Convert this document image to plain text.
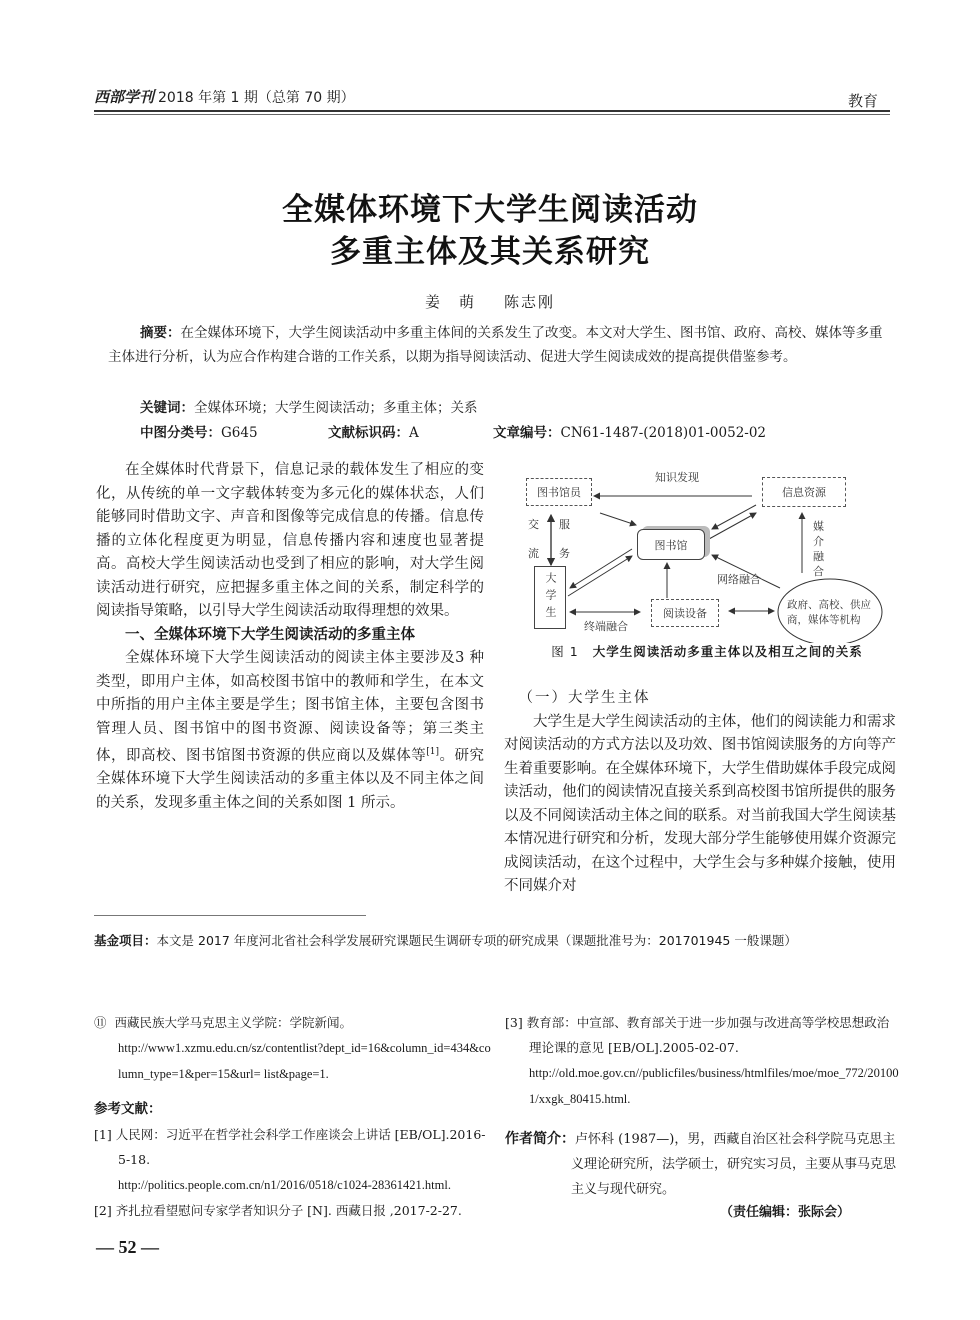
西部学刊 2018 年第 1 期（总第 70 期）	教育
全媒体环境下大学生阅读活动
多重主体及其关系研究
姜　萌 陈志刚
摘要：在全媒体环境下，大学生阅读活动中多重主体间的关系发生了改变。本文对大学生、图书馆、政府、高校、媒体等多重主体进行分析，认为应合作构建合谐的工作关系，以期为指导阅读活动、促进大学生阅读成效的提高提供借鉴参考。
关键词：全媒体环境；大学生阅读活动；多重主体；关系
中图分类号：G645	文献标识码：A	文章编号：CN61-1487-(2018)01-0052-02

在全媒体时代背景下，信息记录的载体发生了相应的变化，从传统的单一文字载体转变为多元化的媒体状态，人们能够同时借助文字、声音和图像等完成信息的传播。信息传播的立体化程度更为明显，信息传播内容和速度也显著提高。高校大学生阅读活动也受到了相应的影响，对大学生阅读活动进行研究，应把握多重主体之间的关系，制定科学的阅读指导策略，以引导大学生阅读活动取得理想的效果。

一、全媒体环境下大学生阅读活动的多重主体

全媒体环境下大学生阅读活动的阅读主体主要涉及3 种类型，即用户主体，如高校图书馆中的教师和学生，在本文中所指的用户主体主要是学生；图书馆主体，主要包含图书管理人员、图书馆中的图书资源、阅读设备等；第三类主体，即高校、图书馆图书资源的供应商以及媒体等[1]。研究全媒体环境下大学生阅读活动的多重主体以及不同主体之间的关系，发现多重主体之间的关系如图 1 所示。

图书馆员	信息资源
图书馆
大学生	阅读设备
政府、高校、供应商，媒体等机构
知识发现
交
流
服
务
媒
介
融
合
网络融合
终端融合
图 1 大学生阅读活动多重主体以及相互之间的关系

（一）大学生主体

大学生是大学生阅读活动的主体，他们的阅读能力和需求对阅读活动的方式方法以及功效、图书馆阅读服务的方向等产生着重要影响。在全媒体环境下，大学生借助媒体手段完成阅读活动，他们的阅读情况直接关系到高校图书馆所提供的服务以及不同阅读活动主体之间的联系。对当前我国大学生阅读基本情况进行研究和分析，发现大部分学生能够使用媒介资源完成阅读活动，在这个过程中，大学生会与多种媒介接触，使用不同媒介对

基金项目：本文是 2017 年度河北省社会科学发展研究课题民生调研专项的研究成果（课题批准号为：201701945 一般课题）
⑪ 西藏民族大学马克思主义学院：学院新闻。
http://www1.xzmu.edu.cn/sz/contentlist?dept_id=16&column_id=434&column_type=1&per=15&url= list&page=1.
参考文献：
[1] 人民网：习近平在哲学社会科学工作座谈会上讲话 [EB/OL].2016-5-18.
http://politics.people.com.cn/n1/2016/0518/c1024-28361421.html.
[2] 齐扎拉看望慰问专家学者知识分子 [N]. 西藏日报 ,2017-2-27.
[3] 教育部：中宣部、教育部关于进一步加强与改进高等学校思想政治理论课的意见 [EB/OL].2005-02-07.
http://old.moe.gov.cn//publicfiles/business/htmlfiles/moe/moe_772/201001/xxgk_80415.html.
作者简介：卢怀科 (1987—)，男，西藏自治区社会科学院马克思主义理论研究所，法学硕士，研究实习员，主要从事马克思主义与现代研究。
（责任编辑：张际会）
— 52 —
